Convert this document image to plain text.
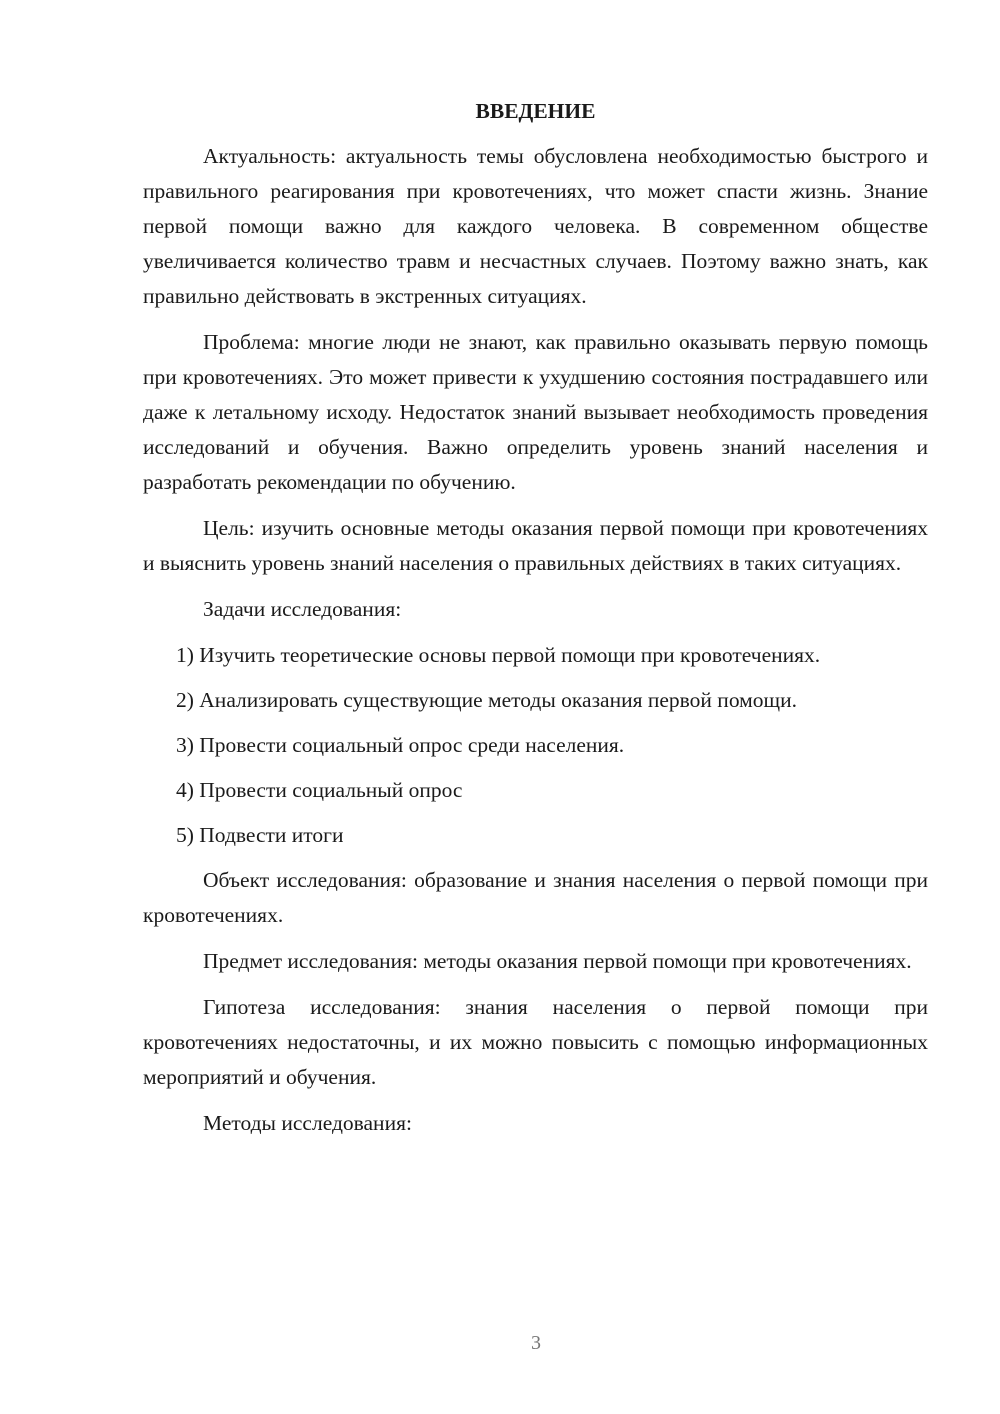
ВВЕДЕНИЕ

Актуальность: актуальность темы обусловлена необходимостью быстрого и правильного реагирования при кровотечениях, что может спасти жизнь. Знание первой помощи важно для каждого человека. В современном обществе увеличивается количество травм и несчастных случаев. Поэтому важно знать, как правильно действовать в экстренных ситуациях.

Проблема: многие люди не знают, как правильно оказывать первую помощь при кровотечениях. Это может привести к ухудшению состояния пострадавшего или даже к летальному исходу. Недостаток знаний вызывает необходимость проведения исследований и обучения. Важно определить уровень знаний населения и разработать рекомендации по обучению.

Цель: изучить основные методы оказания первой помощи при кровотечениях и выяснить уровень знаний населения о правильных действиях в таких ситуациях.

Задачи исследования:

1) Изучить теоретические основы первой помощи при кровотечениях.
2) Анализировать существующие методы оказания первой помощи.
3) Провести социальный опрос среди населения.
4) Провести социальный опрос
5) Подвести итоги

Объект исследования: образование и знания населения о первой помощи при кровотечениях.

Предмет исследования: методы оказания первой помощи при кровотечениях.

Гипотеза исследования: знания населения о первой помощи при кровотечениях недостаточны, и их можно повысить с помощью информационных мероприятий и обучения.

Методы исследования:

3
